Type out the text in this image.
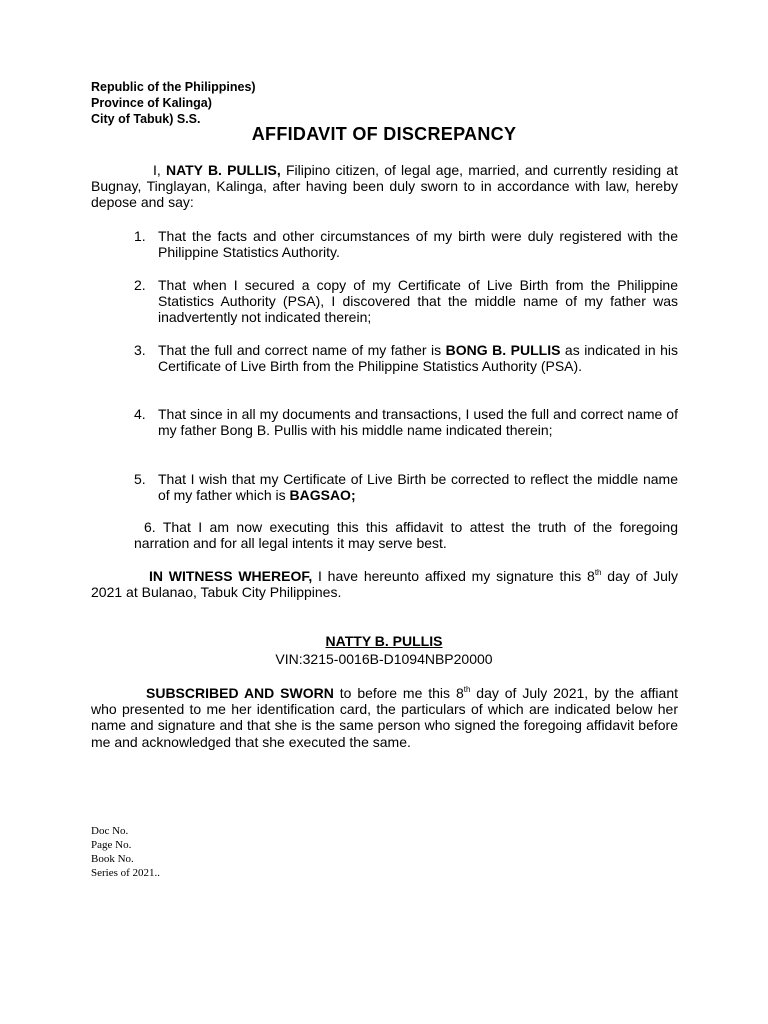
Republic of the Philippines)
Province of Kalinga)
City of Tabuk) S.S.
AFFIDAVIT OF DISCREPANCY
I, NATY B. PULLIS, Filipino citizen, of legal age, married, and currently residing at Bugnay, Tinglayan, Kalinga, after having been duly sworn to in accordance with law, hereby depose and say:
1. That the facts and other circumstances of my birth were duly registered with the Philippine Statistics Authority.
2. That when I secured a copy of my Certificate of Live Birth from the Philippine Statistics Authority (PSA), I discovered that the middle name of my father was inadvertently not indicated therein;
3. That the full and correct name of my father is BONG B. PULLIS as indicated in his Certificate of Live Birth from the Philippine Statistics Authority (PSA).
4. That since in all my documents and transactions, I used the full and correct name of my father Bong B. Pullis with his middle name indicated therein;
5. That I wish that my Certificate of Live Birth be corrected to reflect the middle name of my father which is BAGSAO;
6. That I am now executing this this affidavit to attest the truth of the foregoing narration and for all legal intents it may serve best.
IN WITNESS WHEREOF, I have hereunto affixed my signature this 8th day of July 2021 at Bulanao, Tabuk City Philippines.
NATTY B. PULLIS
VIN:3215-0016B-D1094NBP20000
SUBSCRIBED AND SWORN to before me this 8th day of July 2021, by the affiant who presented to me her identification card, the particulars of which are indicated below her name and signature and that she is the same person who signed the foregoing affidavit before me and acknowledged that she executed the same.
Doc No.
Page No.
Book No.
Series of 2021..
